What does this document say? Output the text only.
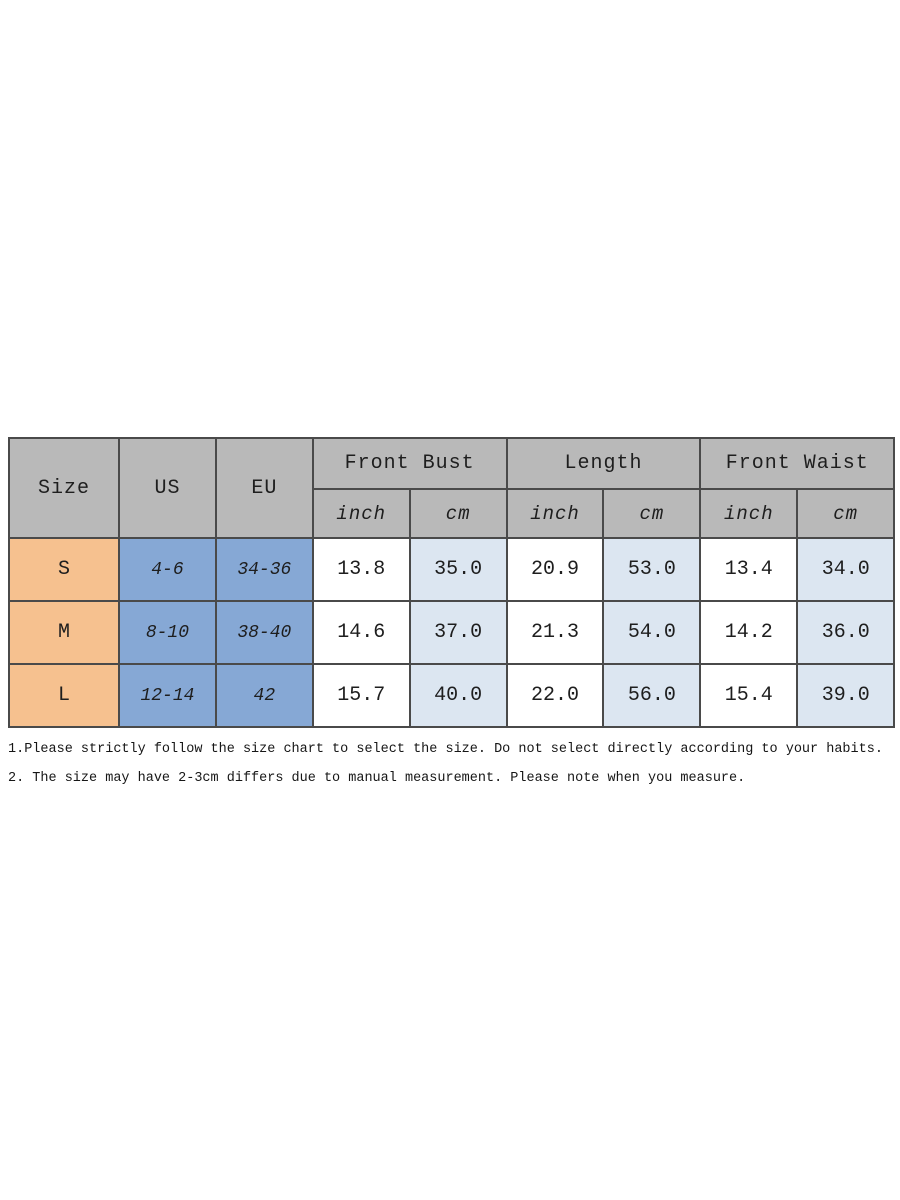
Size	US	EU	Front Bust		Length		Front Waist	
			inch	cm	inch	cm	inch	cm
S	4-6	34-36	13.8	35.0	20.9	53.0	13.4	34.0
M	8-10	38-40	14.6	37.0	21.3	54.0	14.2	36.0
L	12-14	42	15.7	40.0	22.0	56.0	15.4	39.0
1.Please strictly follow the size chart to select the size. Do not select directly according to your habits.
2. The size may have 2-3cm differs due to manual measurement. Please note when you measure.
